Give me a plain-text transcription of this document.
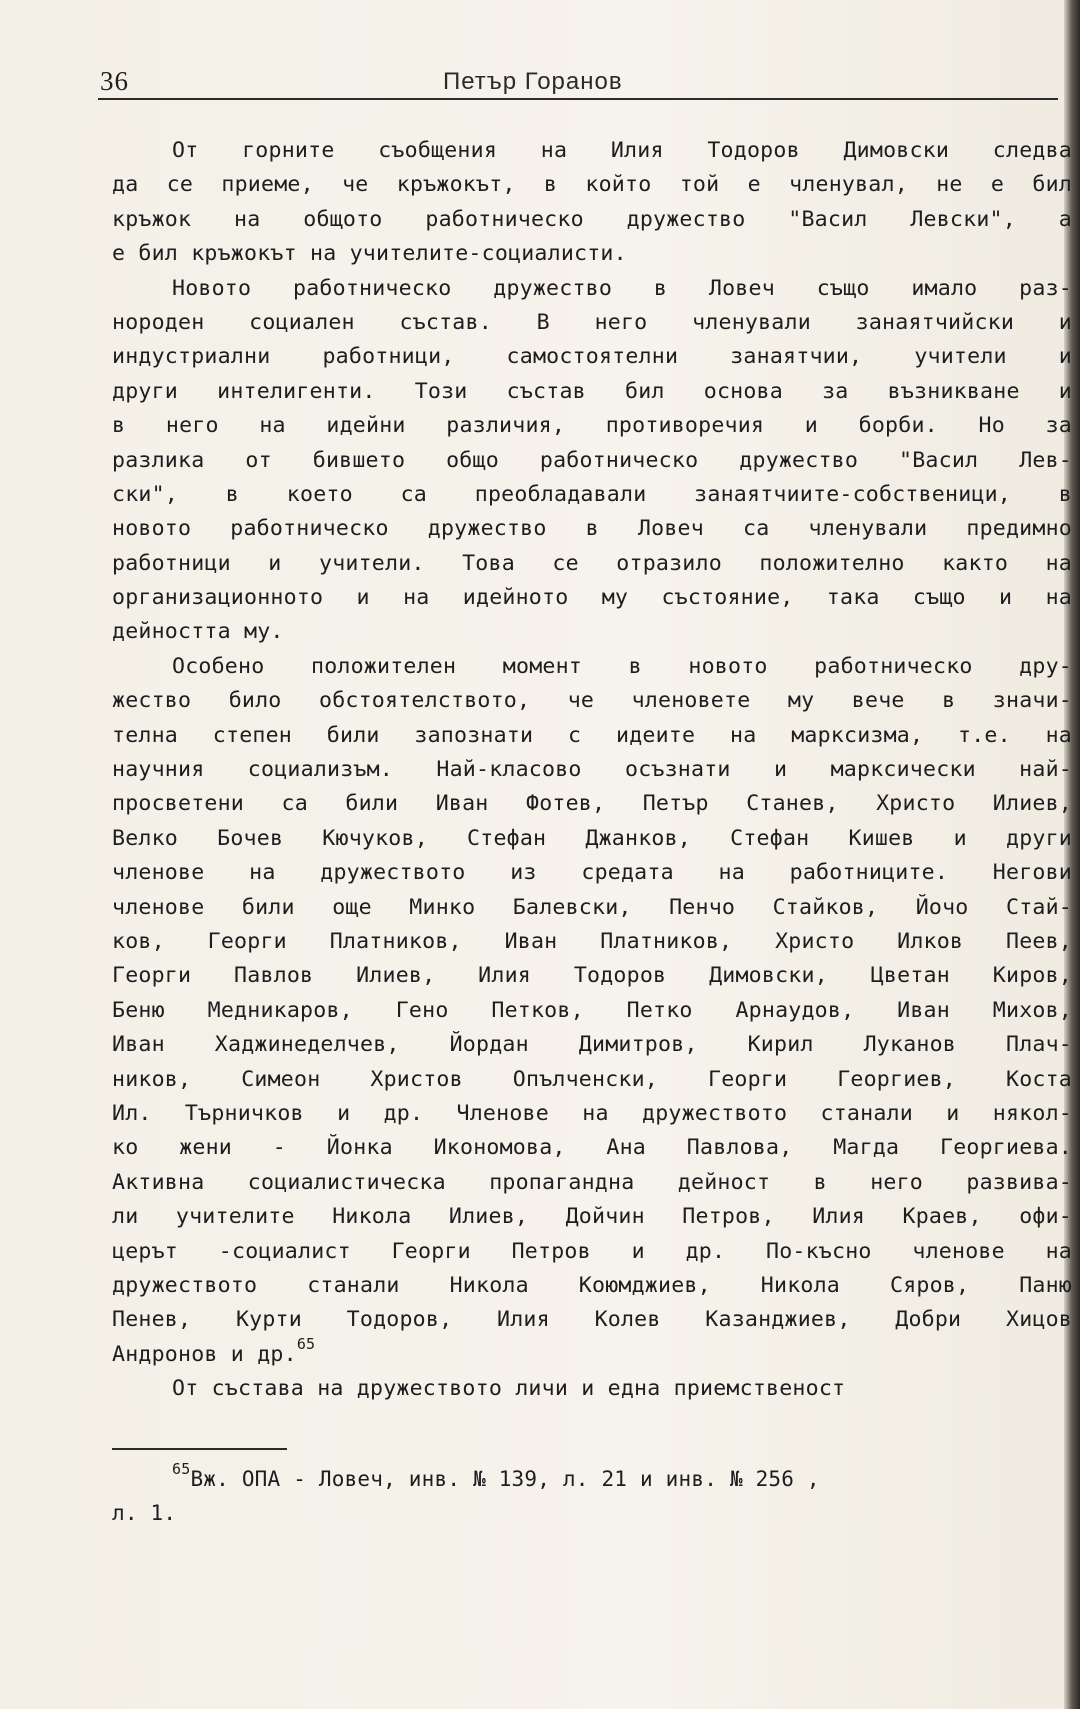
36	Петър Горанов
От горните съобщения на Илия Тодоров Димовски следва
да се приеме, че кръжокът, в който той е членувал, не е бил
кръжок на общото работническо дружество "Васил Левски", а
е бил кръжокът на учителите-социалисти.
Новото работническо дружество в Ловеч също имало раз-
нороден социален състав. В него членували занаятчийски и
индустриални работници, самостоятелни занаятчии, учители и
други интелигенти. Този състав бил основа за възникване и
в него на идейни различия, противоречия и борби. Но за
разлика от бившето общо работническо дружество "Васил Лев-
ски", в което са преобладавали занаятчиите-собственици, в
новото работническо дружество в Ловеч са членували предимно
работници и учители. Това се отразило положително както на
организационното и на идейното му състояние, така също и на
дейността му.
Особено положителен момент в новото работническо дру-
жество било обстоятелството, че членовете му вече в значи-
телна степен били запознати с идеите на марксизма, т.е. на
научния социализъм. Най-класово осъзнати и марксически най-
просветени са били Иван Фотев, Петър Станев, Христо Илиев,
Велко Бочев Кючуков, Стефан Джанков, Стефан Кишев и други
членове на дружеството из средата на работниците. Негови
членове били още Минко Балевски, Пенчо Стайков, Йочо Стай-
ков, Георги Платников, Иван Платников, Христо Илков Пеев,
Георги Павлов Илиев, Илия Тодоров Димовски, Цветан Киров,
Беню Медникаров, Гено Петков, Петко Арнаудов, Иван Михов,
Иван Хаджинеделчев, Йордан Димитров, Кирил Луканов Плач-
ников, Симеон Христов Опълченски, Георги Георгиев, Коста
Ил. Търничков и др. Членове на дружеството станали и някол-
ко жени - Йонка Икономова, Ана Павлова, Магда Георгиева.
Активна социалистическа пропагандна дейност в него развива-
ли учителите Никола Илиев, Дойчин Петров, Илия Краев, офи-
церът -социалист Георги Петров и др. По-късно членове на
дружеството станали Никола Коюмджиев, Никола Сяров, Паню
Пенев, Курти Тодоров, Илия Колев Казанджиев, Добри Хицов
Андронов и др.$^{65}$
От състава на дружеството личи и една приемственост
$^{65}$Вж. ОПА - Ловеч, инв. № 139, л. 21 и инв. № 256 ,
л. 1.
